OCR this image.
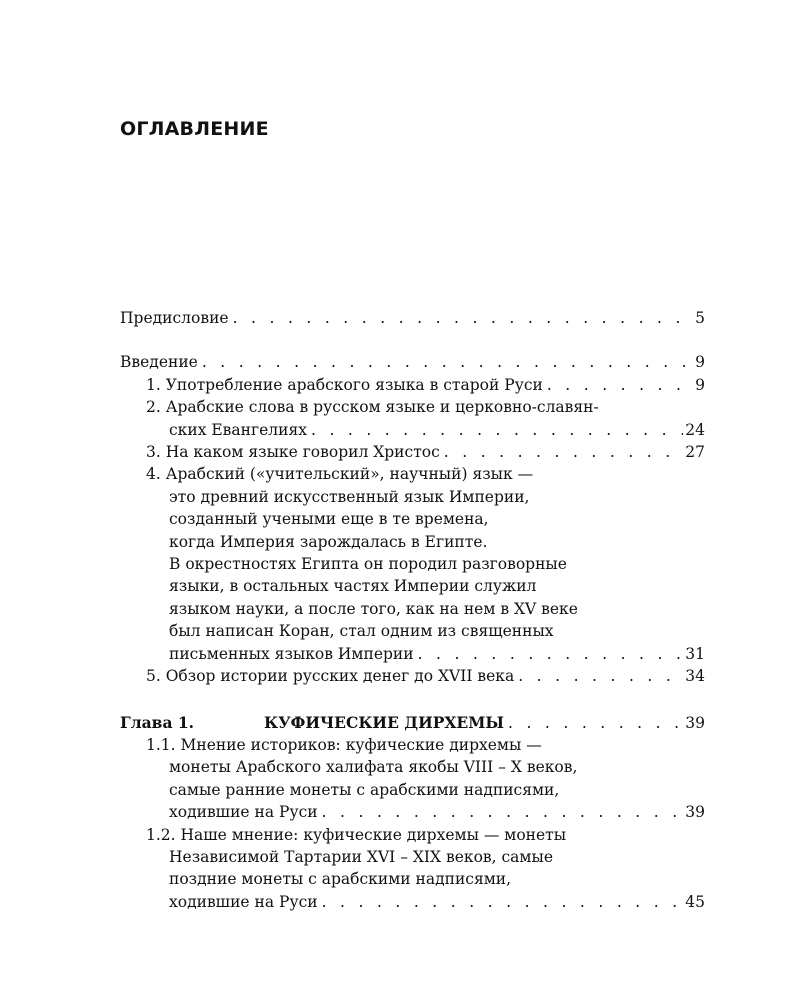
ОГЛАВЛЕНИЕ
Предисловие . . .	5
Введение . . .	9
1. Употребление арабского языка в старой Руси . . .	9
2. Арабские слова в русском языке и церковно-славян-
ских Евангелиях . . .	24
3. На каком языке говорил Христос . . .	27
4. Арабский («учительский», научный) язык —
это древний искусственный язык Империи,
созданный учеными еще в те времена,
когда Империя зарождалась в Египте.
В окрестностях Египта он породил разговорные
языки, в остальных частях Империи служил
языком науки, а после того, как на нем в XV веке
был написан Коран, стал одним из священных
письменных языков Империи . . .	31
5. Обзор истории русских денег до XVII века . . .	34
Глава 1.	КУФИЧЕСКИЕ ДИРХЕМЫ . . .	39
1.1. Мнение историков: куфические дирхемы —
монеты Арабского халифата якобы VIII – X веков,
самые ранние монеты с арабскими надписями,
ходившие на Руси . . .	39
1.2. Наше мнение: куфические дирхемы — монеты
Независимой Тартарии XVI – XIX веков, самые
поздние монеты с арабскими надписями,
ходившие на Руси . . .	45
